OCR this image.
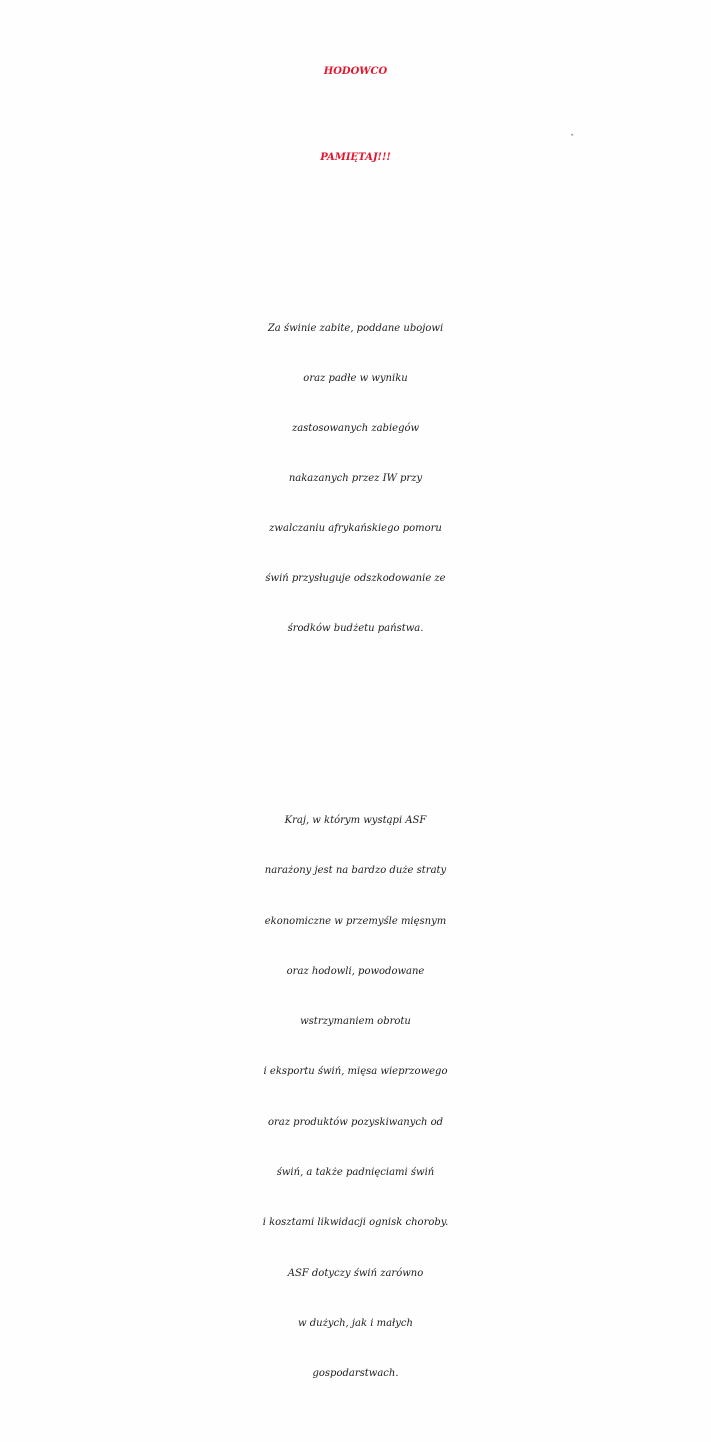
HODOWCO
PAMIĘTAJ!!!
˟
Za świnie zabite, poddane ubojowi
oraz padłe w wyniku
zastosowanych zabiegów
nakazanych przez IW przy
zwalczaniu afrykańskiego pomoru
świń przysługuje odszkodowanie ze
środków budżetu państwa.
Kraj, w którym wystąpi ASF
narażony jest na bardzo duże straty
ekonomiczne w przemyśle mięsnym
oraz hodowli, powodowane
wstrzymaniem obrotu
i eksportu świń, mięsa wieprzowego
oraz produktów pozyskiwanych od
świń, a także padnięciami świń
i kosztami likwidacji ognisk choroby.
ASF dotyczy świń zarówno
w dużych, jak i małych
gospodarstwach.
